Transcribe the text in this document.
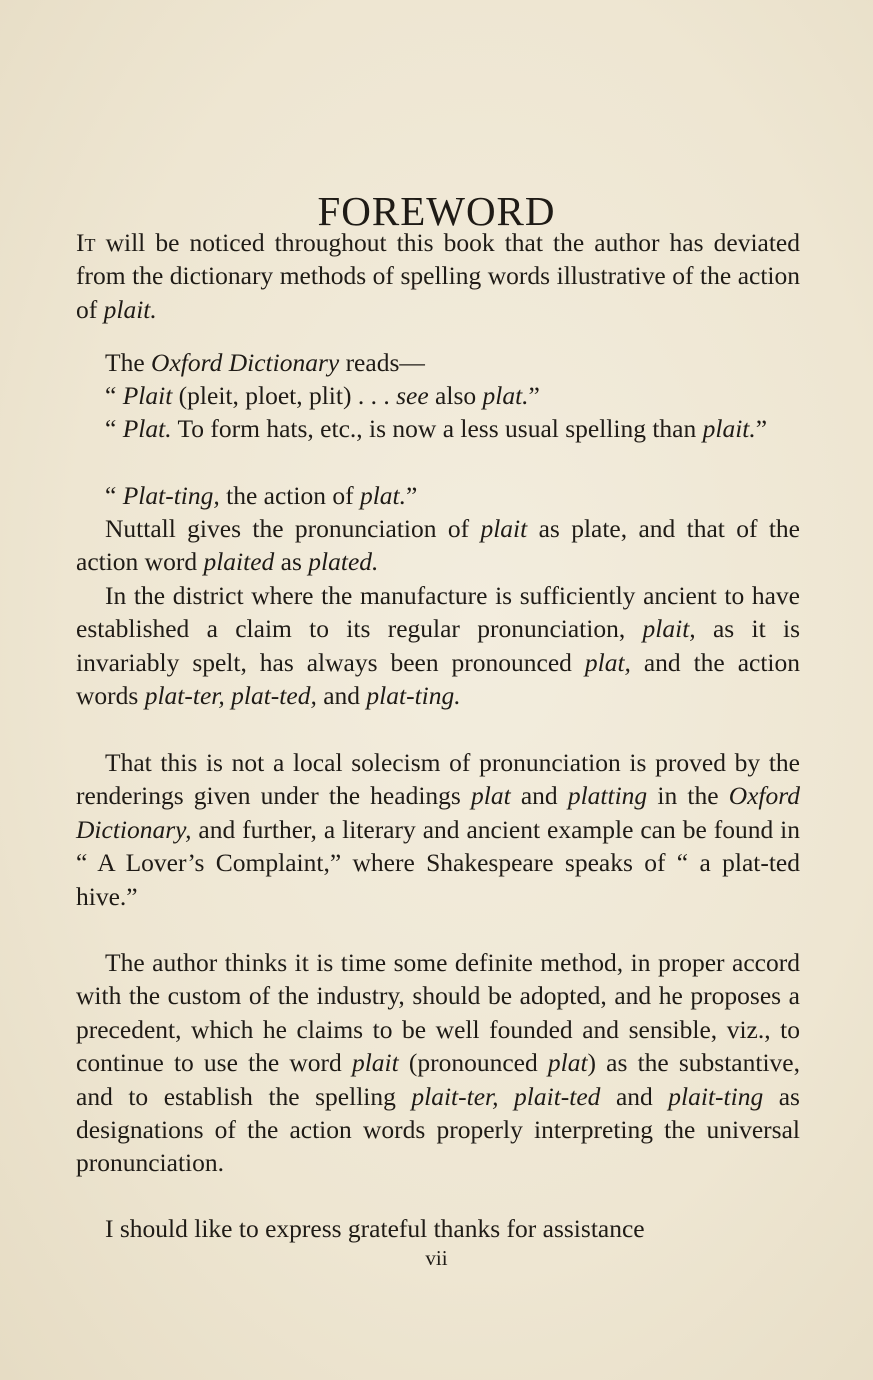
FOREWORD

It will be noticed throughout this book that the author has deviated from the dictionary methods of spelling words illustrative of the action of plait.

The Oxford Dictionary reads—

“ Plait (pleit, ploet, plit) . . . see also plat.”

“ Plat. To form hats, etc., is now a less usual spelling than plait.”

“ Plat-ting, the action of plat.”

Nuttall gives the pronunciation of plait as plate, and that of the action word plaited as plated.

In the district where the manufacture is sufficiently ancient to have established a claim to its regular pronunciation, plait, as it is invariably spelt, has always been pronounced plat, and the action words plat-ter, plat-ted, and plat-ting.

That this is not a local solecism of pronunciation is proved by the renderings given under the headings plat and platting in the Oxford Dictionary, and further, a literary and ancient example can be found in “ A Lover’s Complaint,” where Shakespeare speaks of “ a plat-ted hive.”

The author thinks it is time some definite method, in proper accord with the custom of the industry, should be adopted, and he proposes a precedent, which he claims to be well founded and sensible, viz., to continue to use the word plait (pronounced plat) as the substantive, and to establish the spelling plait-ter, plait-ted and plait-ting as designations of the action words properly interpreting the universal pronunciation.

I should like to express grateful thanks for assistance

vii
